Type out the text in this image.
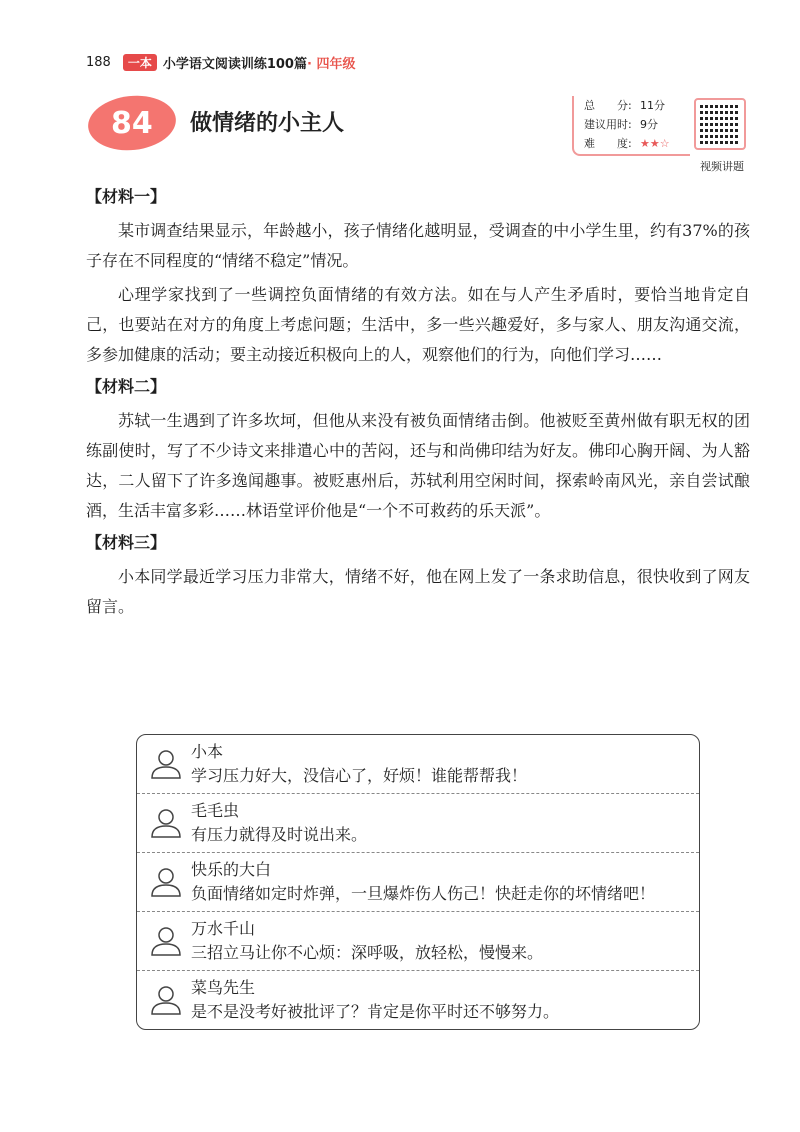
188	一本 小学语文阅读训练100篇 · 四年级
84 做情绪的小主人
总　　分: 11分
建议用时: 9分
难　　度: ★★☆
视频讲题

【材料一】

某市调查结果显示，年龄越小，孩子情绪化越明显，受调查的中小学生里，约有37%的孩子存在不同程度的“情绪不稳定”情况。

心理学家找到了一些调控负面情绪的有效方法。如在与人产生矛盾时，要恰当地肯定自己，也要站在对方的角度上考虑问题；生活中，多一些兴趣爱好，多与家人、朋友沟通交流，多参加健康的活动；要主动接近积极向上的人，观察他们的行为，向他们学习……

【材料二】

苏轼一生遇到了许多坎坷，但他从来没有被负面情绪击倒。他被贬至黄州做有职无权的团练副使时，写了不少诗文来排遣心中的苦闷，还与和尚佛印结为好友。佛印心胸开阔、为人豁达，二人留下了许多逸闻趣事。被贬惠州后，苏轼利用空闲时间，探索岭南风光，亲自尝试酿酒，生活丰富多彩……林语堂评价他是“一个不可救药的乐天派”。

【材料三】

小本同学最近学习压力非常大，情绪不好，他在网上发了一条求助信息，很快收到了网友留言。

小本
学习压力好大，没信心了，好烦！谁能帮帮我！
毛毛虫
有压力就得及时说出来。
快乐的大白
负面情绪如定时炸弹，一旦爆炸伤人伤己！快赶走你的坏情绪吧！
万水千山
三招立马让你不心烦：深呼吸，放轻松，慢慢来。
菜鸟先生
是不是没考好被批评了？肯定是你平时还不够努力。
